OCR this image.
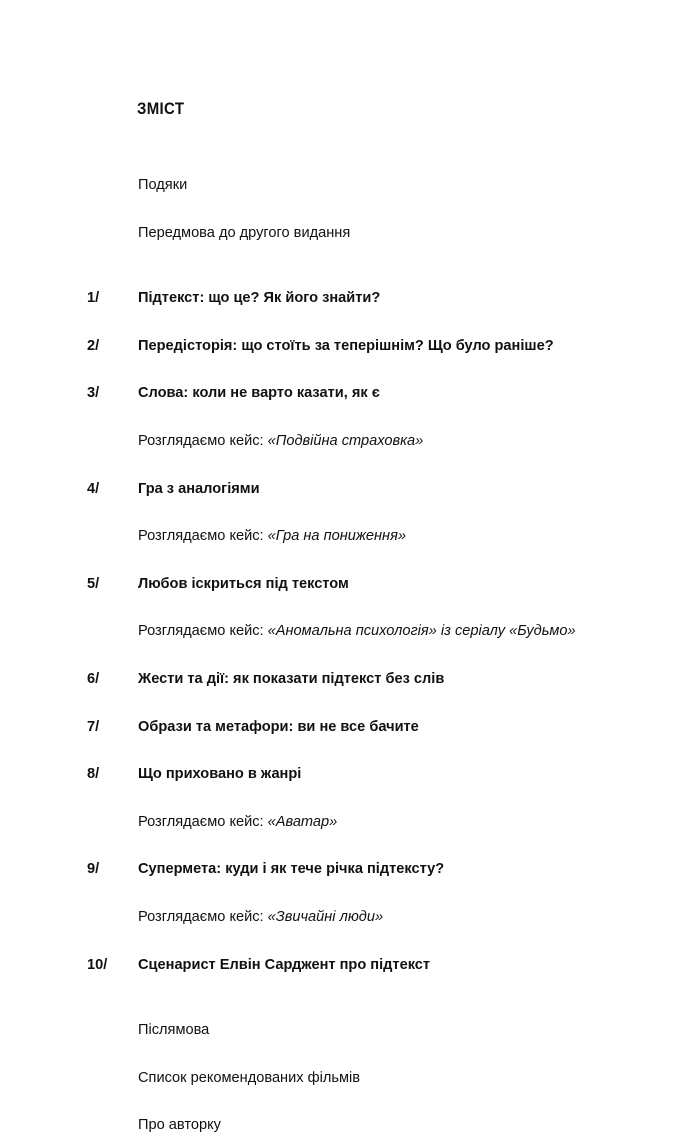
ЗМІСТ
Подяки
Передмова до другого видання
1/	Підтекст: що це? Як його знайти?
2/	Передісторія: що стоїть за теперішнім? Що було раніше?
3/	Слова: коли не варто казати, як є
Розглядаємо кейс: «Подвійна страховка»
4/	Гра з аналогіями
Розглядаємо кейс: «Гра на пониження»
5/	Любов іскриться під текстом
Розглядаємо кейс: «Аномальна психологія» із серіалу «Будьмо»
6/	Жести та дії: як показати підтекст без слів
7/	Образи та метафори: ви не все бачите
8/	Що приховано в жанрі
Розглядаємо кейс: «Аватар»
9/	Супермета: куди і як тече річка підтексту?
Розглядаємо кейс: «Звичайні люди»
10/	Сценарист Елвін Сарджент про підтекст
Післямова
Список рекомендованих фільмів
Про авторку
